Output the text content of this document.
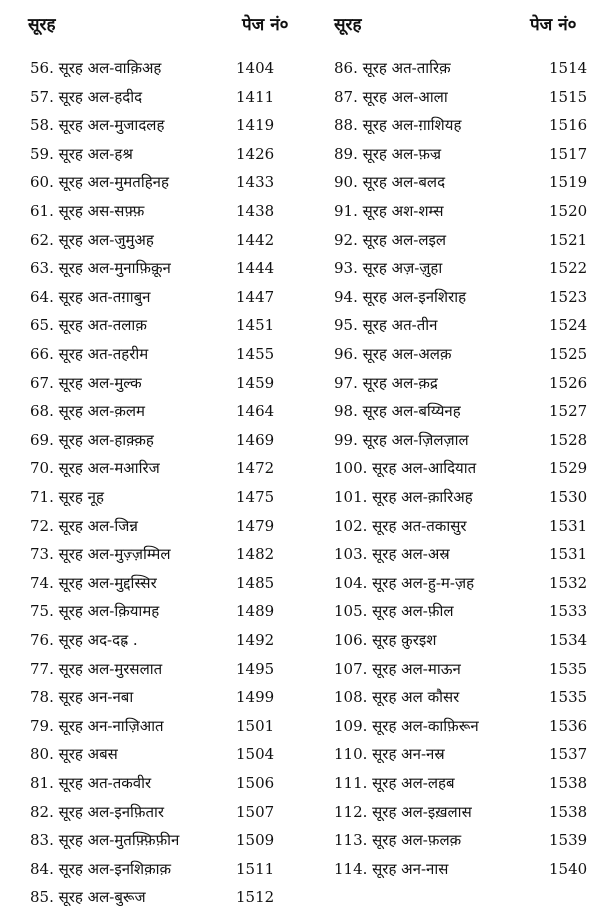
सूरह	पेज नं०
56. सूरह अल-वाक़िअह	1404
57. सूरह अल-हदीद	1411
58. सूरह अल-मुजादलह	1419
59. सूरह अल-हश्र	1426
60. सूरह अल-मुमतहिनह	1433
61. सूरह अस-सफ़्फ़	1438
62. सूरह अल-जुमुअह	1442
63. सूरह अल-मुनाफ़िक़ून	1444
64. सूरह अत-तग़ाबुन	1447
65. सूरह अत-तलाक़	1451
66. सूरह अत-तहरीम	1455
67. सूरह अल-मुल्क	1459
68. सूरह अल-क़लम	1464
69. सूरह अल-हाक़्क़ह	1469
70. सूरह अल-मआरिज	1472
71. सूरह नूह	1475
72. सूरह अल-जिन्न	1479
73. सूरह अल-मुज़्ज़म्मिल	1482
74. सूरह अल-मुद्दस्सिर	1485
75. सूरह अल-क़ियामह	1489
76. सूरह अद-दह्र .	1492
77. सूरह अल-मुरसलात	1495
78. सूरह अन-नबा	1499
79. सूरह अन-नाज़िआत	1501
80. सूरह अबस	1504
81. सूरह अत-तकवीर	1506
82. सूरह अल-इनफ़ितार	1507
83. सूरह अल-मुतफ़्फ़िफ़ीन	1509
84. सूरह अल-इनशिक़ाक़	1511
85. सूरह अल-बुरूज	1512
सूरह	पेज नं०
86. सूरह अत-तारिक़	1514
87. सूरह अल-आला	1515
88. सूरह अल-ग़ाशियह	1516
89. सूरह अल-फ़ज्र	1517
90. सूरह अल-बलद	1519
91. सूरह अश-शम्स	1520
92. सूरह अल-लइल	1521
93. सूरह अज़-ज़ुहा	1522
94. सूरह अल-इनशिराह	1523
95. सूरह अत-तीन	1524
96. सूरह अल-अलक़	1525
97. सूरह अल-क़द्र	1526
98. सूरह अल-बय्यिनह	1527
99. सूरह अल-ज़िलज़ाल	1528
100. सूरह अल-आदियात	1529
101. सूरह अल-क़ारिअह	1530
102. सूरह अत-तकासुर	1531
103. सूरह अल-अस्र	1531
104. सूरह अल-हु-म-ज़ह	1532
105. सूरह अल-फ़ील	1533
106. सूरह क़ुरइश	1534
107. सूरह अल-माऊन	1535
108. सूरह अल कौसर	1535
109. सूरह अल-काफ़िरून	1536
110. सूरह अन-नस्र	1537
111. सूरह अल-लहब	1538
112. सूरह अल-इख़लास	1538
113. सूरह अल-फ़लक़	1539
114. सूरह अन-नास	1540
